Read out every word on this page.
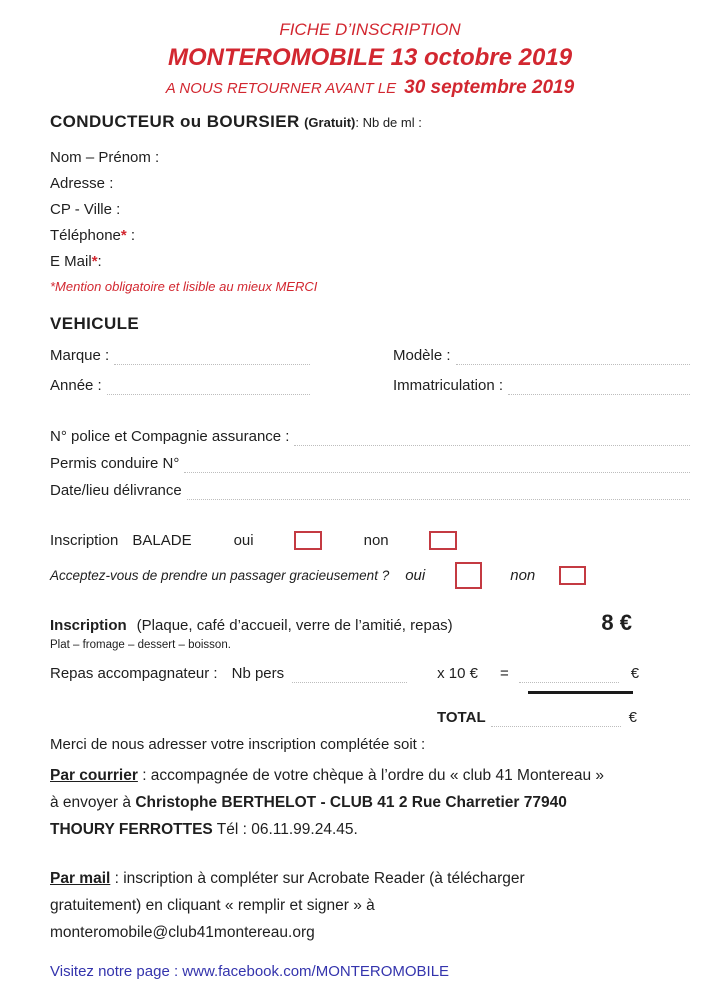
FICHE D’INSCRIPTION
MONTEROMOBILE 13 octobre 2019
A NOUS RETOURNER AVANT LE 30 septembre 2019
CONDUCTEUR ou BOURSIER (Gratuit): Nb de ml :
Nom – Prénom :
Adresse :
CP - Ville :
Téléphone* :
E Mail*:
*Mention obligatoire et lisible au mieux MERCI
VEHICULE
Marque :	Modèle :
Année :	Immatriculation :
N° police et Compagnie assurance :
Permis conduire N°
Date/lieu délivrance
Inscription BALADE	oui	non
Acceptez-vous de prendre un passager gracieusement ? oui	non
Inscription (Plaque, café d’accueil, verre de l’amitié, repas)	8 €
Plat – fromage – dessert – boisson.
Repas accompagnateur : Nb pers	x 10 € =	€
TOTAL	€
Merci de nous adresser votre inscription complétée soit :
Par courrier : accompagnée de votre chèque à l’ordre du « club 41 Montereau » à envoyer à Christophe BERTHELOT - CLUB 41 2 Rue Charretier 77940 THOURY FERROTTES Tél : 06.11.99.24.45.
Par mail : inscription à compléter sur Acrobate Reader (à télécharger gratuitement) en cliquant « remplir et signer » à monteromobile@club41montereau.org
Visitez notre page : www.facebook.com/MONTEROMOBILE
